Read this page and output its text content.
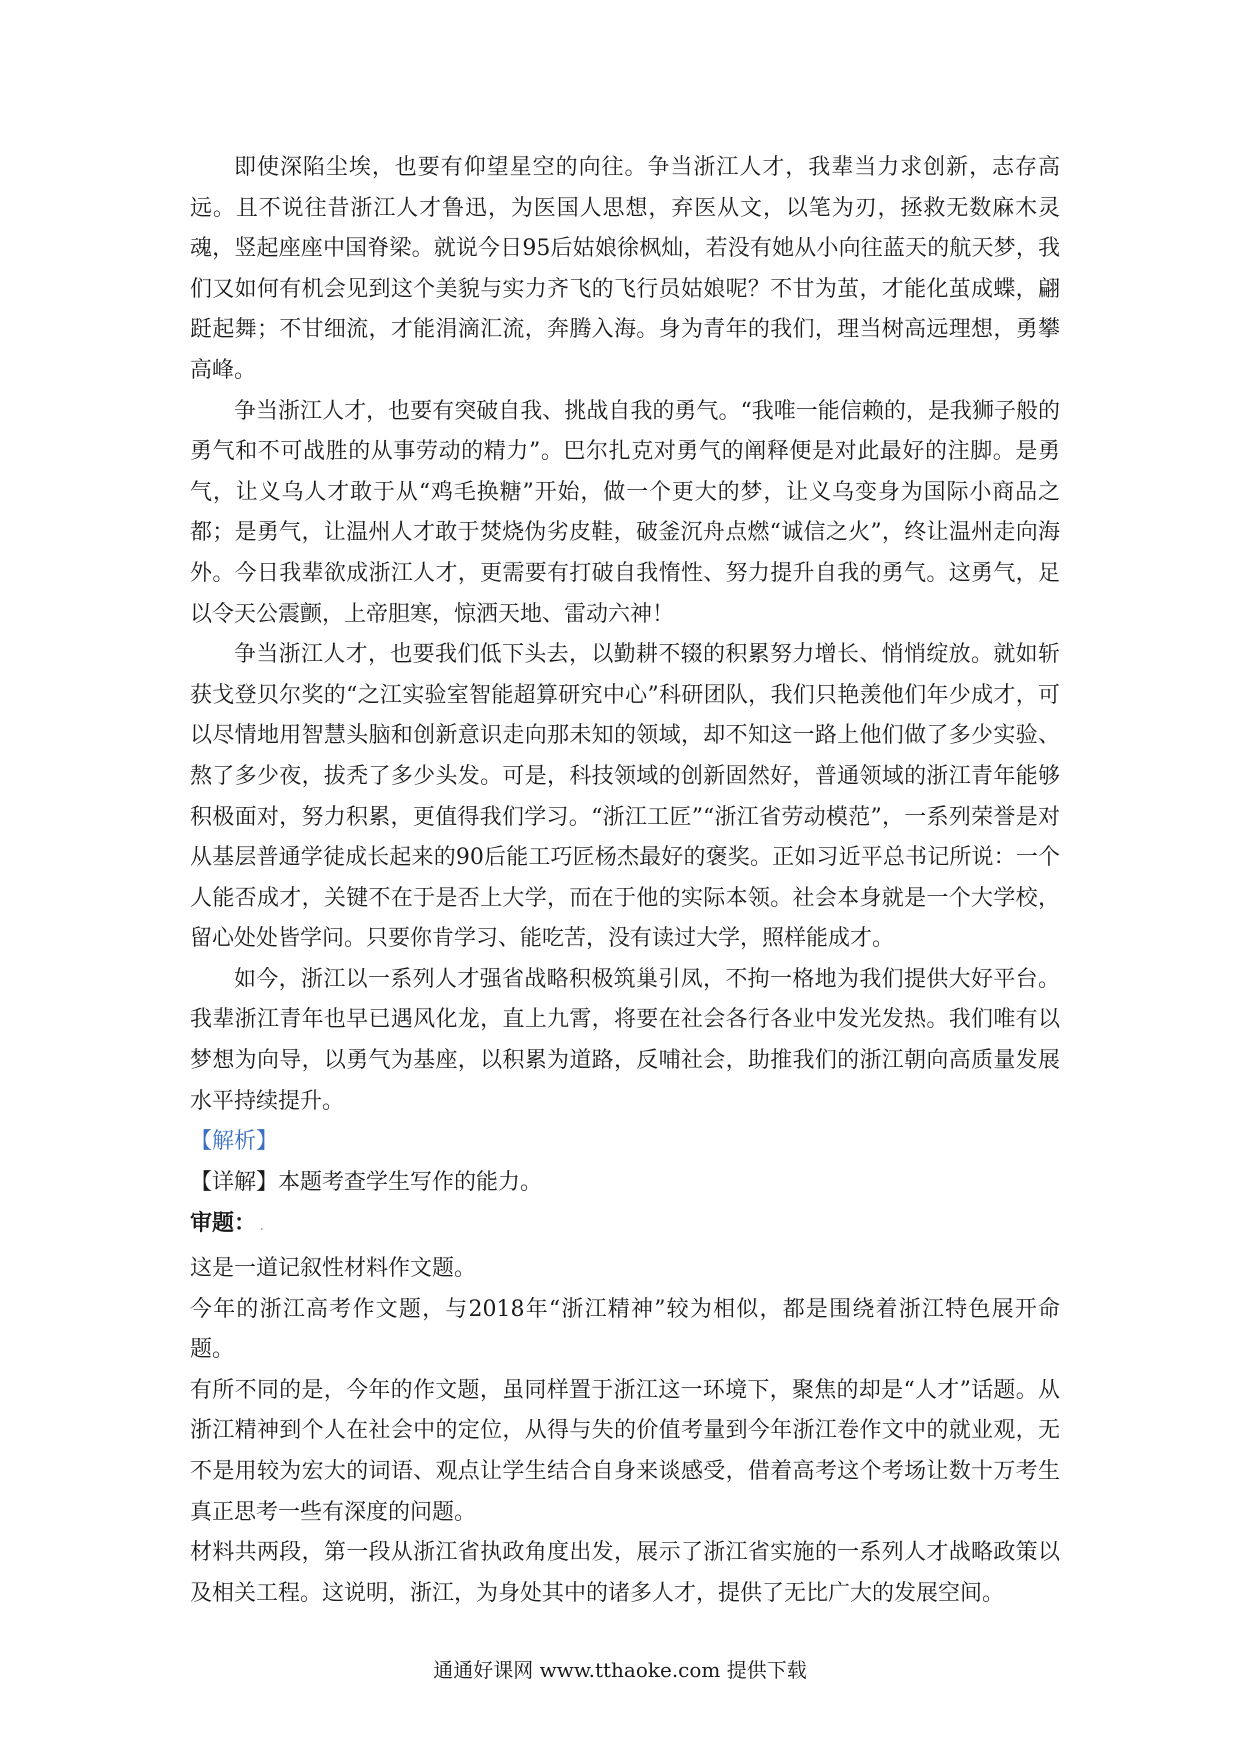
即使深陷尘埃，也要有仰望星空的向往。争当浙江人才，我辈当力求创新，志存高远。且不说往昔浙江人才鲁迅，为医国人思想，弃医从文，以笔为刃，拯救无数麻木灵魂，竖起座座中国脊梁。就说今日95后姑娘徐枫灿，若没有她从小向往蓝天的航天梦，我们又如何有机会见到这个美貌与实力齐飞的飞行员姑娘呢？不甘为茧，才能化茧成蝶，翩跹起舞；不甘细流，才能涓滴汇流，奔腾入海。身为青年的我们，理当树高远理想，勇攀高峰。

争当浙江人才，也要有突破自我、挑战自我的勇气。“我唯一能信赖的，是我狮子般的勇气和不可战胜的从事劳动的精力”。巴尔扎克对勇气的阐释便是对此最好的注脚。是勇气，让义乌人才敢于从“鸡毛换糖”开始，做一个更大的梦，让义乌变身为国际小商品之都；是勇气，让温州人才敢于焚烧伪劣皮鞋，破釜沉舟点燃“诚信之火”，终让温州走向海外。今日我辈欲成浙江人才，更需要有打破自我惰性、努力提升自我的勇气。这勇气，足以令天公震颤，上帝胆寒，惊洒天地、雷动六神！

争当浙江人才，也要我们低下头去，以勤耕不辍的积累努力增长、悄悄绽放。就如斩获戈登贝尔奖的“之江实验室智能超算研究中心”科研团队，我们只艳羡他们年少成才，可以尽情地用智慧头脑和创新意识走向那未知的领域，却不知这一路上他们做了多少实验、熬了多少夜，拔秃了多少头发。可是，科技领域的创新固然好，普通领域的浙江青年能够积极面对，努力积累，更值得我们学习。“浙江工匠”“浙江省劳动模范”，一系列荣誉是对从基层普通学徒成长起来的90后能工巧匠杨杰最好的褒奖。正如习近平总书记所说：一个人能否成才，关键不在于是否上大学，而在于他的实际本领。社会本身就是一个大学校，留心处处皆学问。只要你肯学习、能吃苦，没有读过大学，照样能成才。

如今，浙江以一系列人才强省战略积极筑巢引凤，不拘一格地为我们提供大好平台。我辈浙江青年也早已遇风化龙，直上九霄，将要在社会各行各业中发光发热。我们唯有以梦想为向导，以勇气为基座，以积累为道路，反哺社会，助推我们的浙江朝向高质量发展水平持续提升。

【解析】

【详解】本题考查学生写作的能力。

审题： .

这是一道记叙性材料作文题。

今年的浙江高考作文题，与2018年“浙江精神”较为相似，都是围绕着浙江特色展开命题。

有所不同的是，今年的作文题，虽同样置于浙江这一环境下，聚焦的却是“人才”话题。从浙江精神到个人在社会中的定位，从得与失的价值考量到今年浙江卷作文中的就业观，无不是用较为宏大的词语、观点让学生结合自身来谈感受，借着高考这个考场让数十万考生真正思考一些有深度的问题。

材料共两段，第一段从浙江省执政角度出发，展示了浙江省实施的一系列人才战略政策以及相关工程。这说明，浙江，为身处其中的诸多人才，提供了无比广大的发展空间。

通通好课网 www.tthaoke.com 提供下载
